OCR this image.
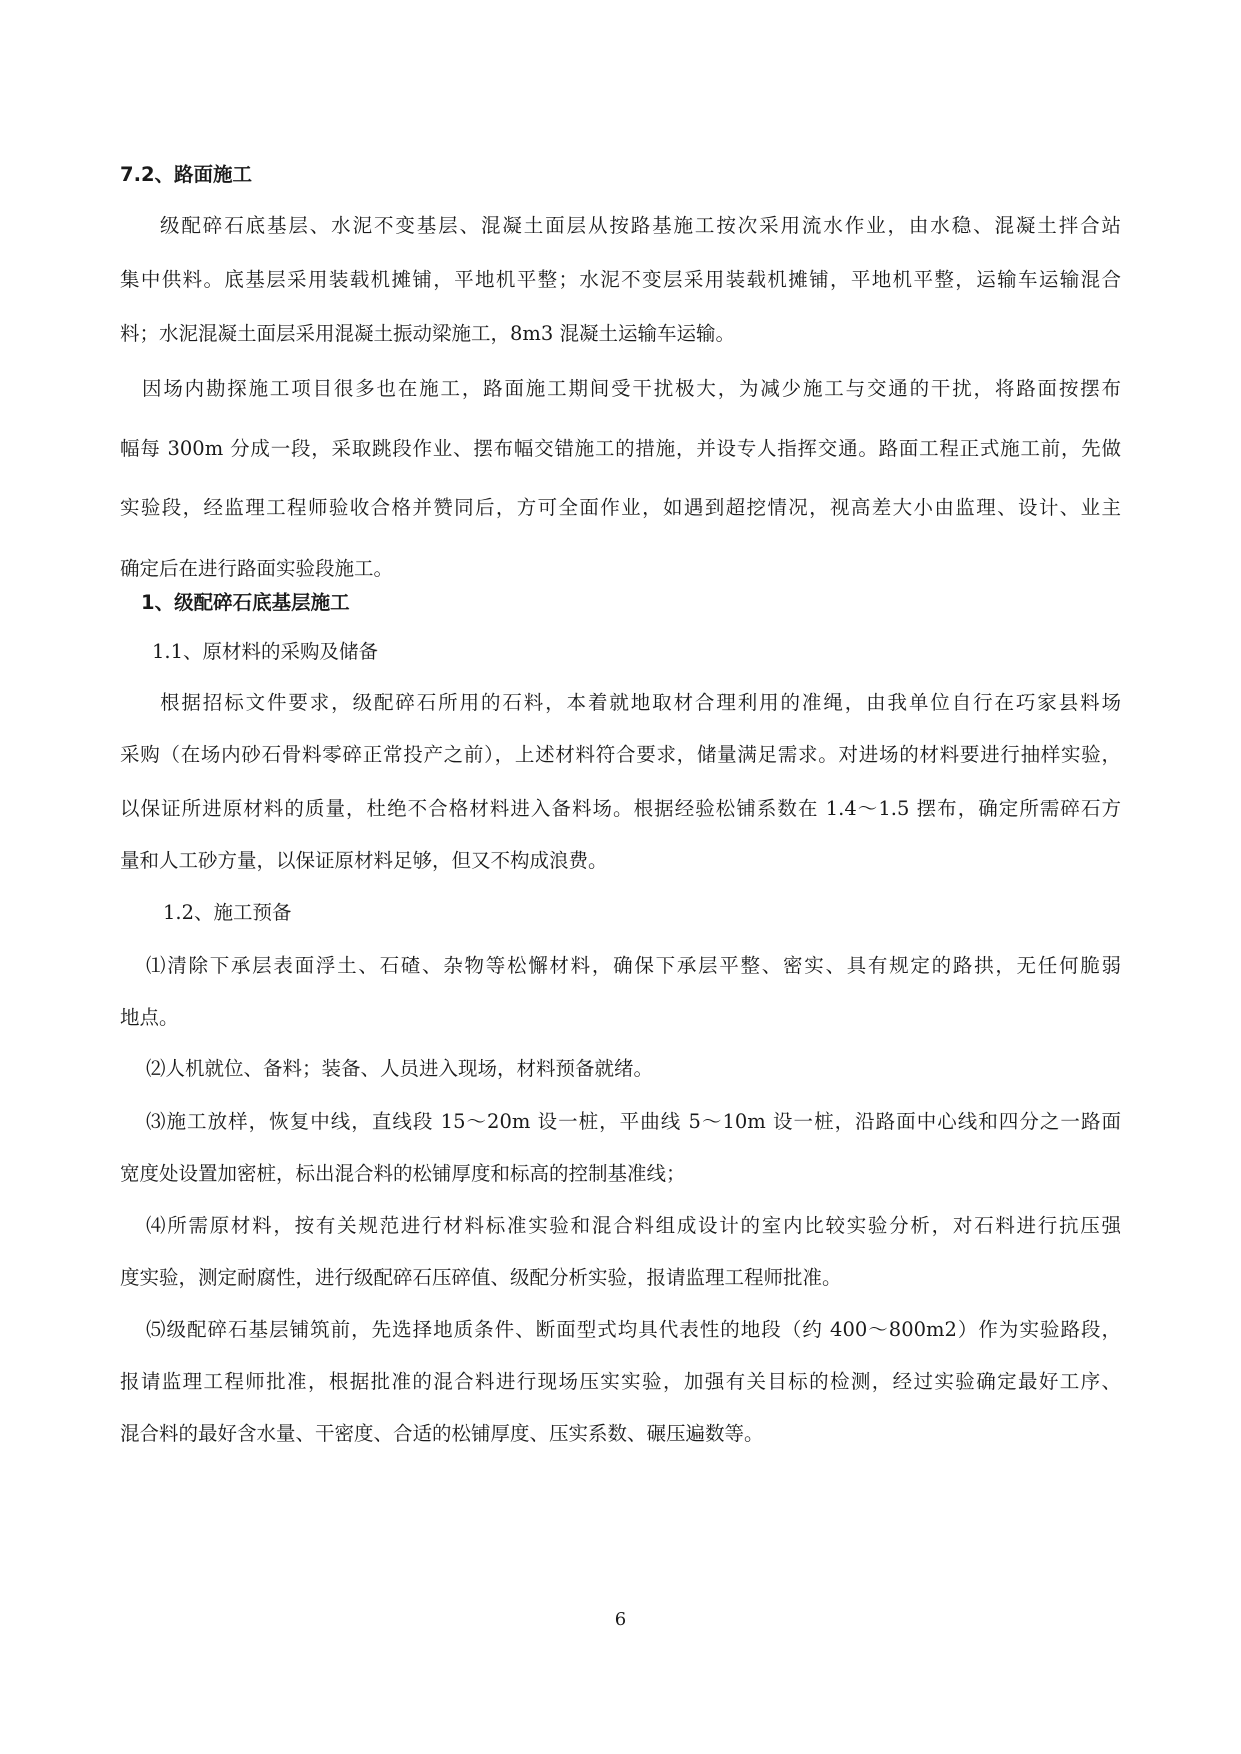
7.2、路面施工
级配碎石底基层、水泥不变基层、混凝土面层从按路基施工按次采用流水作业，由水稳、混凝土拌合站
集中供料。底基层采用装载机摊铺，平地机平整；水泥不变层采用装载机摊铺，平地机平整，运输车运输混合
料；水泥混凝土面层采用混凝土振动梁施工，8m3 混凝土运输车运输。
因场内勘探施工项目很多也在施工，路面施工期间受干扰极大，为减少施工与交通的干扰，将路面按摆布
幅每 300m 分成一段，采取跳段作业、摆布幅交错施工的措施，并设专人指挥交通。路面工程正式施工前，先做
实验段，经监理工程师验收合格并赞同后，方可全面作业，如遇到超挖情况，视高差大小由监理、设计、业主
确定后在进行路面实验段施工。
1、级配碎石底基层施工
1.1、原材料的采购及储备
根据招标文件要求，级配碎石所用的石料，本着就地取材合理利用的准绳，由我单位自行在巧家县料场
采购（在场内砂石骨料零碎正常投产之前），上述材料符合要求，储量满足需求。对进场的材料要进行抽样实验，
以保证所进原材料的质量，杜绝不合格材料进入备料场。根据经验松铺系数在 1.4～1.5 摆布，确定所需碎石方
量和人工砂方量，以保证原材料足够，但又不构成浪费。
1.2、施工预备
⑴清除下承层表面浮土、石碴、杂物等松懈材料，确保下承层平整、密实、具有规定的路拱，无任何脆弱
地点。
⑵人机就位、备料；装备、人员进入现场，材料预备就绪。
⑶施工放样，恢复中线，直线段 15～20m 设一桩，平曲线 5～10m 设一桩，沿路面中心线和四分之一路面
宽度处设置加密桩，标出混合料的松铺厚度和标高的控制基准线；
⑷所需原材料，按有关规范进行材料标准实验和混合料组成设计的室内比较实验分析，对石料进行抗压强
度实验，测定耐腐性，进行级配碎石压碎值、级配分析实验，报请监理工程师批准。
⑸级配碎石基层铺筑前，先选择地质条件、断面型式均具代表性的地段（约 400～800m2）作为实验路段，
报请监理工程师批准，根据批准的混合料进行现场压实实验，加强有关目标的检测，经过实验确定最好工序、
混合料的最好含水量、干密度、合适的松铺厚度、压实系数、碾压遍数等。
6
